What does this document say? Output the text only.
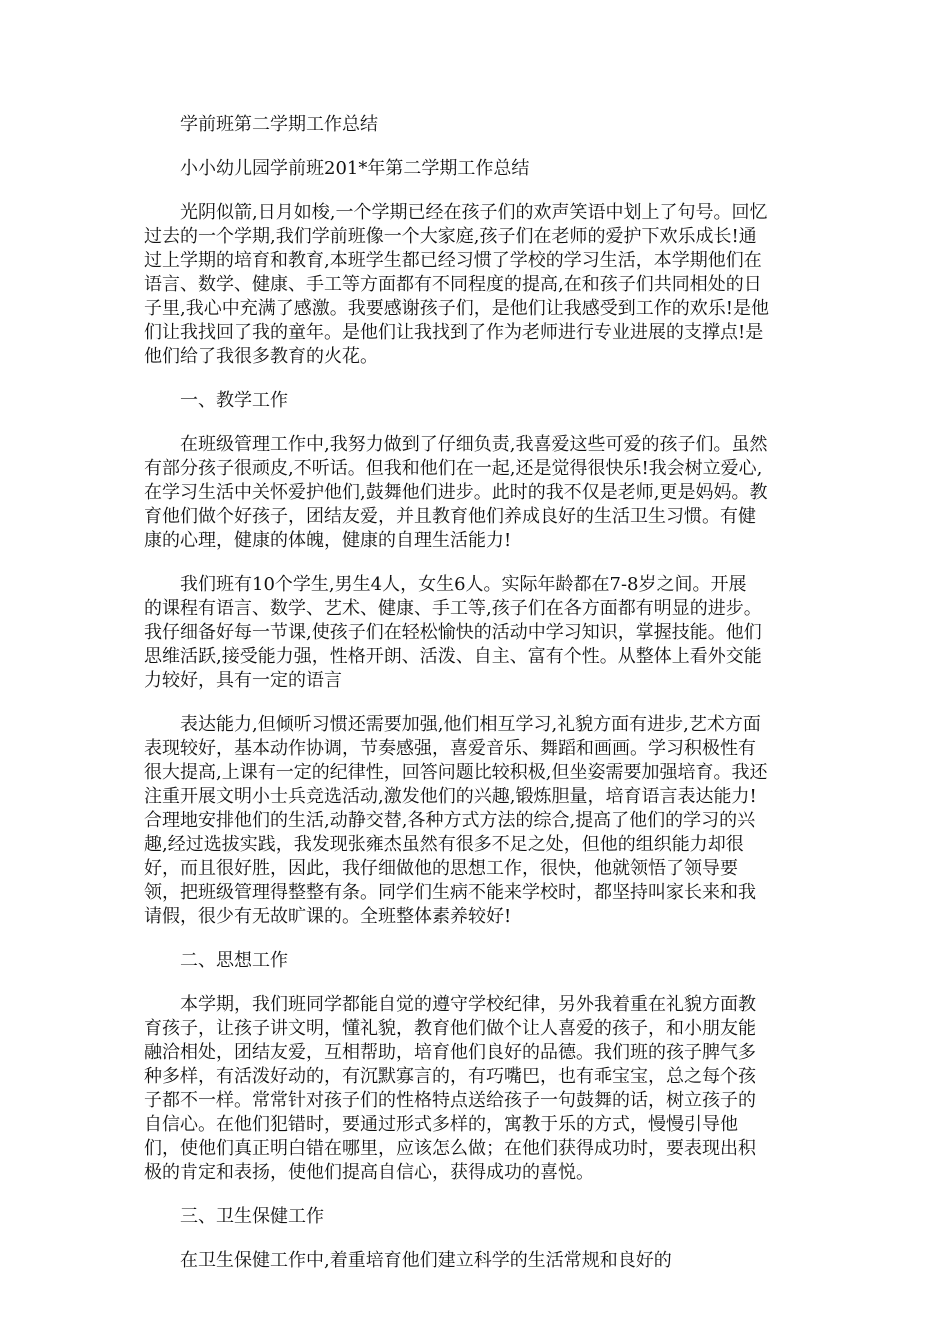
学前班第二学期工作总结
小小幼儿园学前班201*年第二学期工作总结
光阴似箭,日月如梭,一个学期已经在孩子们的欢声笑语中划上了句号。回忆
过去的一个学期,我们学前班像一个大家庭,孩子们在老师的爱护下欢乐成长!通
过上学期的培育和教育,本班学生都已经习惯了学校的学习生活，本学期他们在
语言、数学、健康、手工等方面都有不同程度的提高,在和孩子们共同相处的日
子里,我心中充满了感激。我要感谢孩子们，是他们让我感受到工作的欢乐!是他
们让我找回了我的童年。是他们让我找到了作为老师进行专业进展的支撑点!是
他们给了我很多教育的火花。
一、教学工作
在班级管理工作中,我努力做到了仔细负责,我喜爱这些可爱的孩子们。虽然
有部分孩子很顽皮,不听话。但我和他们在一起,还是觉得很快乐!我会树立爱心,
在学习生活中关怀爱护他们,鼓舞他们进步。此时的我不仅是老师,更是妈妈。教
育他们做个好孩子，团结友爱，并且教育他们养成良好的生活卫生习惯。有健
康的心理，健康的体魄，健康的自理生活能力!
我们班有10个学生,男生4人，女生6人。实际年龄都在7-8岁之间。开展
的课程有语言、数学、艺术、健康、手工等,孩子们在各方面都有明显的进步。
我仔细备好每一节课,使孩子们在轻松愉快的活动中学习知识，掌握技能。他们
思维活跃,接受能力强，性格开朗、活泼、自主、富有个性。从整体上看外交能
力较好，具有一定的语言
表达能力,但倾听习惯还需要加强,他们相互学习,礼貌方面有进步,艺术方面
表现较好，基本动作协调，节奏感强，喜爱音乐、舞蹈和画画。学习积极性有
很大提高,上课有一定的纪律性，回答问题比较积极,但坐姿需要加强培育。我还
注重开展文明小士兵竞选活动,激发他们的兴趣,锻炼胆量，培育语言表达能力!
合理地安排他们的生活,动静交替,各种方式方法的综合,提高了他们的学习的兴
趣,经过选拔实践，我发现张雍杰虽然有很多不足之处，但他的组织能力却很
好，而且很好胜，因此，我仔细做他的思想工作，很快，他就领悟了领导要
领，把班级管理得整整有条。同学们生病不能来学校时，都坚持叫家长来和我
请假，很少有无故旷课的。全班整体素养较好!
二、思想工作
本学期，我们班同学都能自觉的遵守学校纪律，另外我着重在礼貌方面教
育孩子，让孩子讲文明，懂礼貌，教育他们做个让人喜爱的孩子，和小朋友能
融洽相处，团结友爱，互相帮助，培育他们良好的品德。我们班的孩子脾气多
种多样，有活泼好动的，有沉默寡言的，有巧嘴巴，也有乖宝宝，总之每个孩
子都不一样。常常针对孩子们的性格特点送给孩子一句鼓舞的话，树立孩子的
自信心。在他们犯错时，要通过形式多样的，寓教于乐的方式，慢慢引导他
们，使他们真正明白错在哪里，应该怎么做；在他们获得成功时，要表现出积
极的肯定和表扬，使他们提高自信心，获得成功的喜悦。
三、卫生保健工作
在卫生保健工作中,着重培育他们建立科学的生活常规和良好的
